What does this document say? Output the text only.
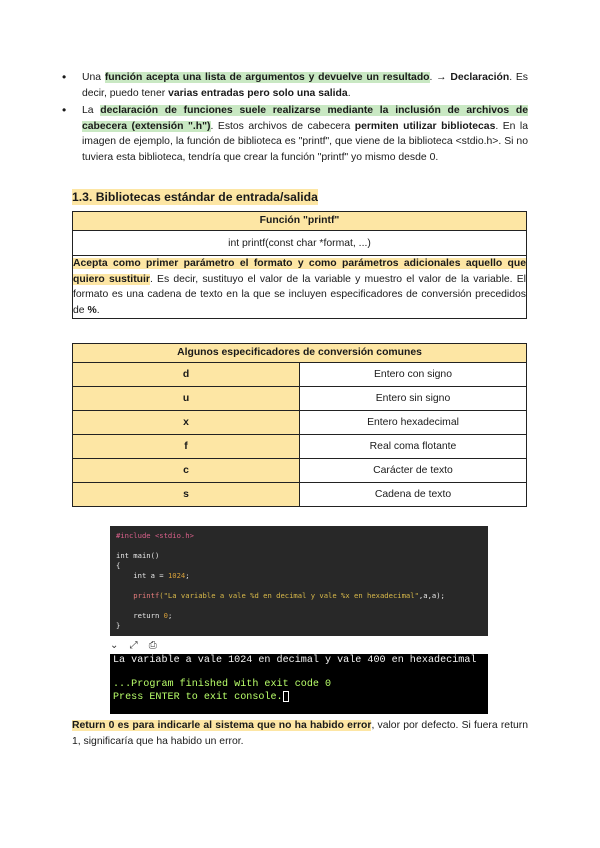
• Una función acepta una lista de argumentos y devuelve un resultado. → Declaración. Es decir, puedo tener varias entradas pero solo una salida.
• La declaración de funciones suele realizarse mediante la inclusión de archivos de cabecera (extensión ".h"). Estos archivos de cabecera permiten utilizar bibliotecas. En la imagen de ejemplo, la función de biblioteca es "printf", que viene de la biblioteca <stdio.h>. Si no tuviera esta biblioteca, tendría que crear la función "printf" yo mismo desde 0.
1.3. Bibliotecas estándar de entrada/salida
Función "printf"

int printf(const char *format, ...)
Acepta como primer parámetro el formato y como parámetros adicionales aquello que quiero sustituir. Es decir, sustituyo el valor de la variable y muestro el valor de la variable. El formato es una cadena de texto en la que se incluyen especificadores de conversión precedidos de %.
Algunos especificadores de conversión comunes	

d	Entero con signo
u	Entero sin signo
x	Entero hexadecimal
f	Real coma flotante
c	Carácter de texto
s	Cadena de texto
#include <stdio.h>
int main()
{
int a = 1024;
printf("La variable a vale %d en decimal y vale %x en hexadecimal",a,a);
return 0;
}
⌄ ⤢ ⎙
La variable a vale 1024 en decimal y vale 400 en hexadecimal
...Program finished with exit code 0
Press ENTER to exit console.
Return 0 es para indicarle al sistema que no ha habido error, valor por defecto. Si fuera return 1, significaría que ha habido un error.
